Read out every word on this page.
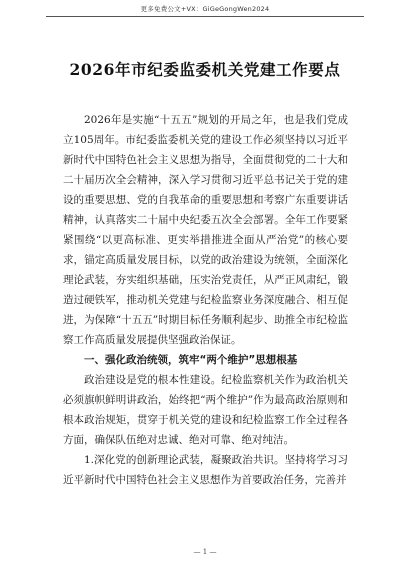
更多免费公文+VX：GiGeGongWen2024
2026年市纪委监委机关党建工作要点

2026年是实施“十五五”规划的开局之年，也是我们党成立105周年。市纪委监委机关党的建设工作必须坚持以习近平新时代中国特色社会主义思想为指导，全面贯彻党的二十大和二十届历次全会精神，深入学习贯彻习近平总书记关于党的建设的重要思想、党的自我革命的重要思想和考察广东重要讲话精神，认真落实二十届中央纪委五次全会部署。全年工作要紧紧围绕“以更高标准、更实举措推进全面从严治党”的核心要求，锚定高质量发展目标，以党的政治建设为统领，全面深化理论武装，夯实组织基础，压实治党责任，从严正风肃纪，锻造过硬铁军，推动机关党建与纪检监察业务深度融合、相互促进，为保障“十五五”时期目标任务顺利起步、助推全市纪检监察工作高质量发展提供坚强政治保证。

一、强化政治统领，筑牢“两个维护”思想根基

政治建设是党的根本性建设。纪检监察机关作为政治机关必须旗帜鲜明讲政治，始终把“两个维护”作为最高政治原则和根本政治规矩，贯穿于机关党的建设和纪检监察工作全过程各方面，确保队伍绝对忠诚、绝对可靠、绝对纯洁。

1.深化党的创新理论武装，凝聚政治共识。坚持将学习习近平新时代中国特色社会主义思想作为首要政治任务，完善并

— 1 —
